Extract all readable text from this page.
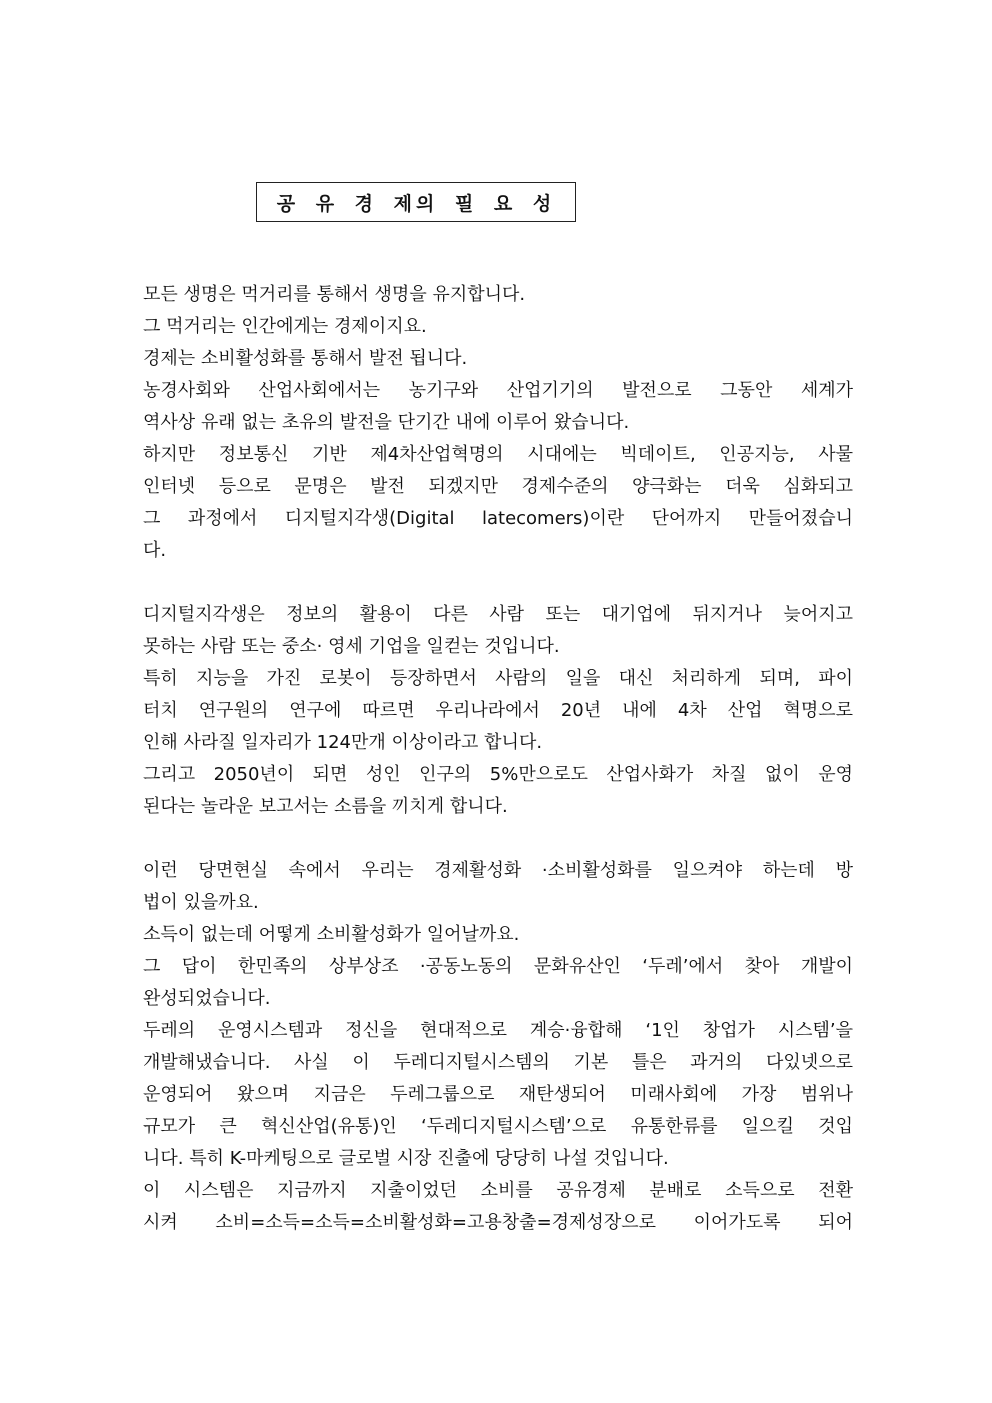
공 유 경 제의 필 요 성
모든 생명은 먹거리를 통해서 생명을 유지합니다.
그 먹거리는 인간에게는 경제이지요.
경제는 소비활성화를 통해서 발전 됩니다.
농경사회와 산업사회에서는 농기구와 산업기기의 발전으로 그동안 세계가
역사상 유래 없는 초유의 발전을 단기간 내에 이루어 왔습니다.
하지만 정보통신 기반 제4차산업혁명의 시대에는 빅데이트, 인공지능, 사물
인터넷 등으로 문명은 발전 되겠지만 경제수준의 양극화는 더욱 심화되고
그 과정에서 디지털지각생(Digital latecomers)이란 단어까지 만들어졌습니
다.
디지털지각생은 정보의 활용이 다른 사람 또는 대기업에 뒤지거나 늦어지고
못하는 사람 또는 중소· 영세 기업을 일컫는 것입니다.
특히 지능을 가진 로봇이 등장하면서 사람의 일을 대신 처리하게 되며, 파이
터치 연구원의 연구에 따르면 우리나라에서 20년 내에 4차 산업 혁명으로
인해 사라질 일자리가 124만개 이상이라고 합니다.
그리고 2050년이 되면 성인 인구의 5%만으로도 산업사화가 차질 없이 운영
된다는 놀라운 보고서는 소름을 끼치게 합니다.
이런 당면현실 속에서 우리는 경제활성화 ·소비활성화를 일으켜야 하는데 방
법이 있을까요.
소득이 없는데 어떻게 소비활성화가 일어날까요.
그 답이 한민족의 상부상조 ·공동노동의 문화유산인 ‘두레’에서 찾아 개발이
완성되었습니다.
두레의 운영시스템과 정신을 현대적으로 계승·융합해 ‘1인 창업가 시스템’을
개발해냈습니다. 사실 이 두레디지털시스템의 기본 틀은 과거의 다있넷으로
운영되어 왔으며 지금은 두레그룹으로 재탄생되어 미래사회에 가장 범위나
규모가 큰 혁신산업(유통)인 ‘두레디지털시스템’으로 유통한류를 일으킬 것입
니다. 특히 K-마케팅으로 글로벌 시장 진출에 당당히 나설 것입니다.
이 시스템은 지금까지 지출이었던 소비를 공유경제 분배로 소득으로 전환
시켜 소비=소득=소득=소비활성화=고용창출=경제성장으로 이어가도록 되어
